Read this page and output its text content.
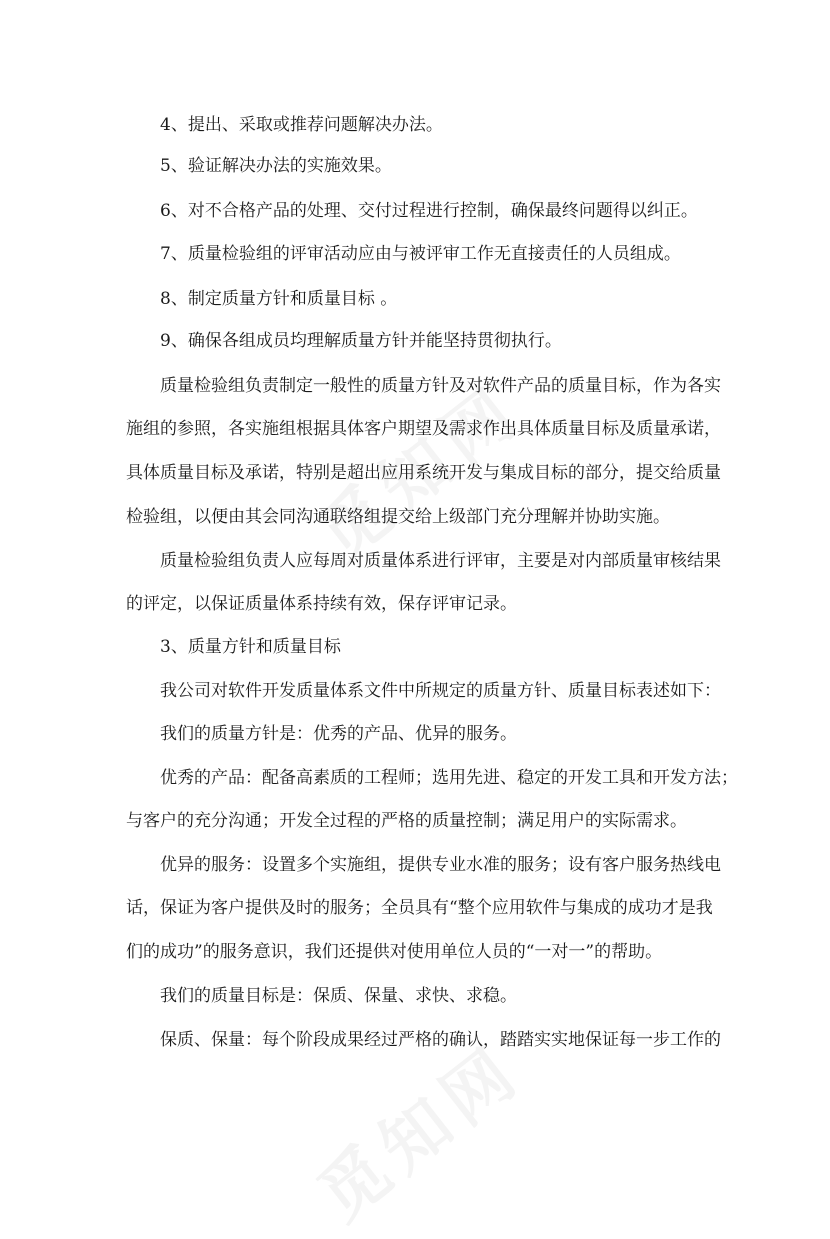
4、提出、采取或推荐问题解决办法。
5、验证解决办法的实施效果。
6、对不合格产品的处理、交付过程进行控制，确保最终问题得以纠正。
7、质量检验组的评审活动应由与被评审工作无直接责任的人员组成。
8、制定质量方针和质量目标 。
9、确保各组成员均理解质量方针并能坚持贯彻执行。
质量检验组负责制定一般性的质量方针及对软件产品的质量目标，作为各实
施组的参照，各实施组根据具体客户期望及需求作出具体质量目标及质量承诺，
具体质量目标及承诺，特别是超出应用系统开发与集成目标的部分，提交给质量
检验组，以便由其会同沟通联络组提交给上级部门充分理解并协助实施。
质量检验组负责人应每周对质量体系进行评审，主要是对内部质量审核结果
的评定，以保证质量体系持续有效，保存评审记录。
3、质量方针和质量目标
我公司对软件开发质量体系文件中所规定的质量方针、质量目标表述如下：
我们的质量方针是：优秀的产品、优异的服务。
优秀的产品：配备高素质的工程师；选用先进、稳定的开发工具和开发方法；
与客户的充分沟通；开发全过程的严格的质量控制；满足用户的实际需求。
优异的服务：设置多个实施组，提供专业水准的服务；设有客户服务热线电
话，保证为客户提供及时的服务；全员具有“整个应用软件与集成的成功才是我
们的成功”的服务意识，我们还提供对使用单位人员的“一对一”的帮助。
我们的质量目标是：保质、保量、求快、求稳。
保质、保量：每个阶段成果经过严格的确认，踏踏实实地保证每一步工作的
